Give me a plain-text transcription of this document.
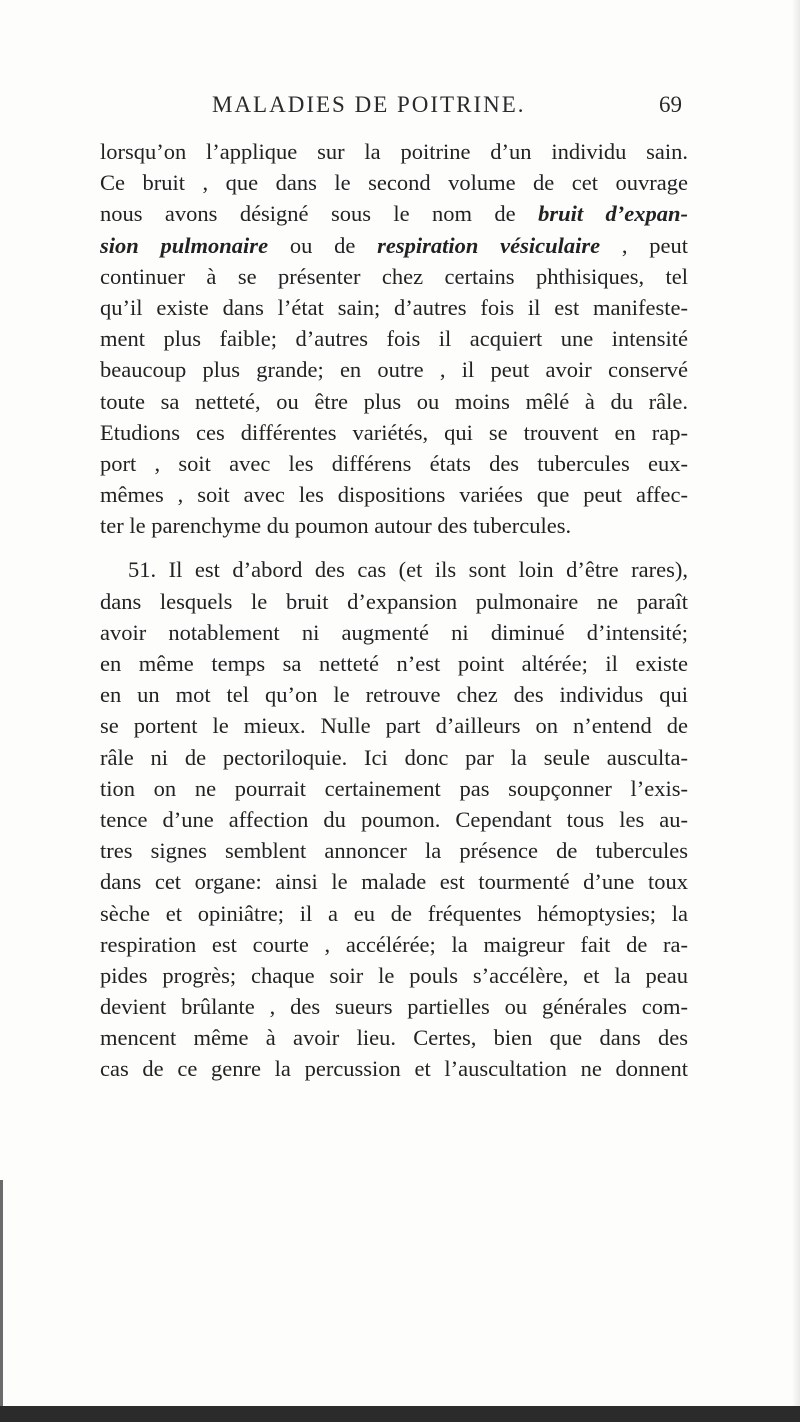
MALADIES DE POITRINE.	69
lorsqu’on l’applique sur la poitrine d’un individu sain.
Ce bruit , que dans le second volume de cet ouvrage
nous avons désigné sous le nom de bruit d’expan-
sion pulmonaire ou de respiration vésiculaire , peut
continuer à se présenter chez certains phthisiques, tel
qu’il existe dans l’état sain; d’autres fois il est manifeste-
ment plus faible; d’autres fois il acquiert une intensité
beaucoup plus grande; en outre , il peut avoir conservé
toute sa netteté, ou être plus ou moins mêlé à du râle.
Etudions ces différentes variétés, qui se trouvent en rap-
port , soit avec les différens états des tubercules eux-
mêmes , soit avec les dispositions variées que peut affec-
ter le parenchyme du poumon autour des tubercules.
51. Il est d’abord des cas (et ils sont loin d’être rares),
dans lesquels le bruit d’expansion pulmonaire ne paraît
avoir notablement ni augmenté ni diminué d’intensité;
en même temps sa netteté n’est point altérée; il existe
en un mot tel qu’on le retrouve chez des individus qui
se portent le mieux. Nulle part d’ailleurs on n’entend de
râle ni de pectoriloquie. Ici donc par la seule ausculta-
tion on ne pourrait certainement pas soupçonner l’exis-
tence d’une affection du poumon. Cependant tous les au-
tres signes semblent annoncer la présence de tubercules
dans cet organe: ainsi le malade est tourmenté d’une toux
sèche et opiniâtre; il a eu de fréquentes hémoptysies; la
respiration est courte , accélérée; la maigreur fait de ra-
pides progrès; chaque soir le pouls s’accélère, et la peau
devient brûlante , des sueurs partielles ou générales com-
mencent même à avoir lieu. Certes, bien que dans des
cas de ce genre la percussion et l’auscultation ne donnent
